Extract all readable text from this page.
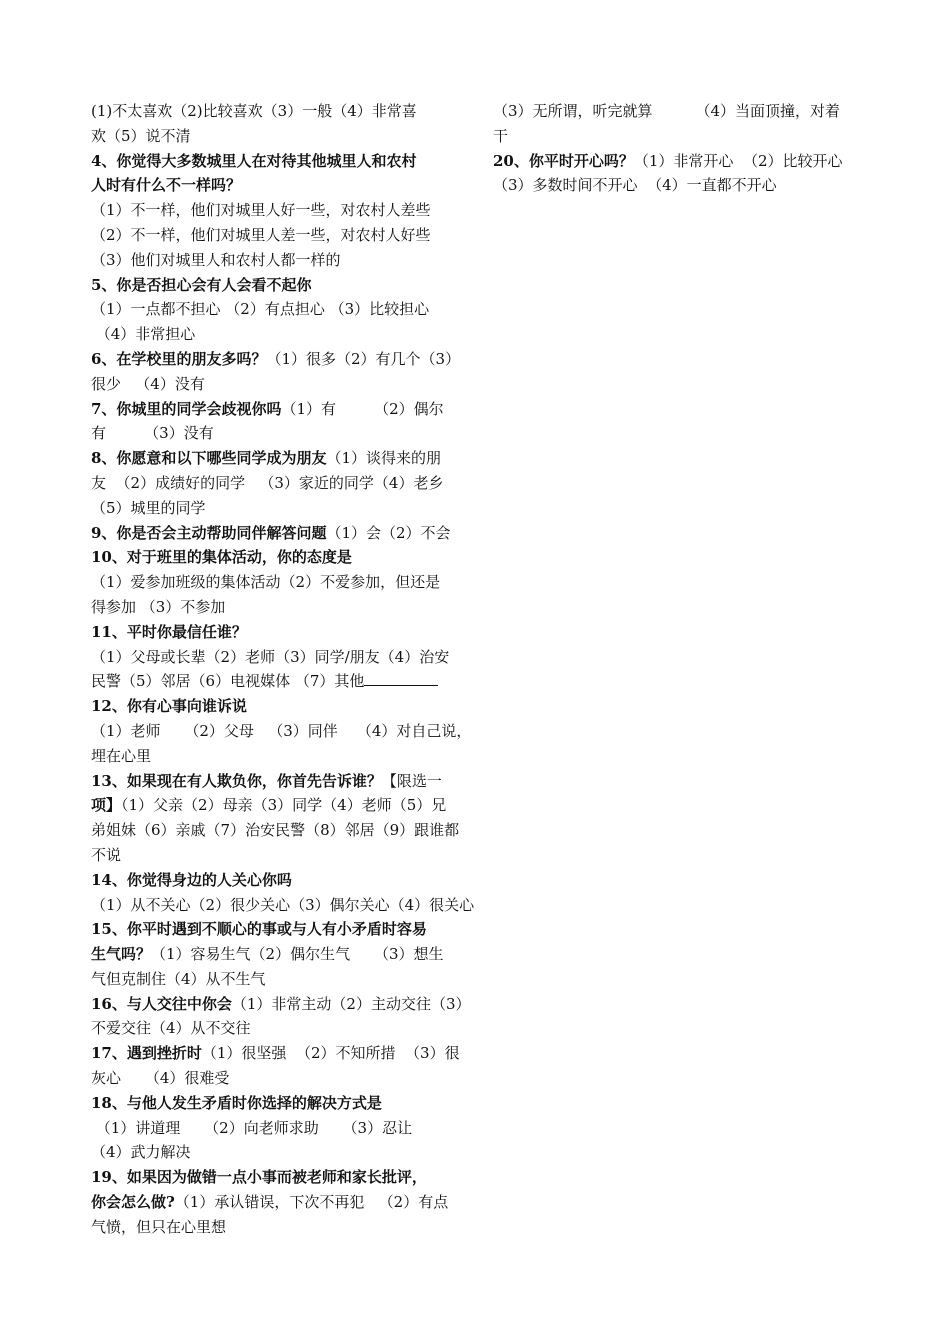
(1)不太喜欢（2)比较喜欢（3）一般（4）非常喜
欢（5）说不清
4、你觉得大多数城里人在对待其他城里人和农村
人时有什么不一样吗？
（1）不一样，他们对城里人好一些，对农村人差些
（2）不一样，他们对城里人差一些，对农村人好些
（3）他们对城里人和农村人都一样的
5、你是否担心会有人会看不起你
（1）一点都不担心 （2）有点担心 （3）比较担心
（4）非常担心
6、在学校里的朋友多吗？（1）很多（2）有几个（3）
很少   （4）没有
7、你城里的同学会歧视你吗（1）有        （2）偶尔
有        （3）没有
8、你愿意和以下哪些同学成为朋友（1）谈得来的朋
友  （2）成绩好的同学   （3）家近的同学（4）老乡
（5）城里的同学
9、你是否会主动帮助同伴解答问题（1）会（2）不会
10、对于班里的集体活动，你的态度是
（1）爱参加班级的集体活动（2）不爱参加，但还是
得参加 （3）不参加
11、平时你最信任谁？
（1）父母或长辈（2）老师（3）同学/朋友（4）治安
民警（5）邻居（6）电视媒体 （7）其他
12、你有心事向谁诉说
（1）老师     （2）父母   （3）同伴    （4）对自己说，
埋在心里
13、如果现在有人欺负你，你首先告诉谁？【限选一
项】（1）父亲（2）母亲（3）同学（4）老师（5）兄
弟姐妹（6）亲戚（7）治安民警（8）邻居（9）跟谁都
不说
14、你觉得身边的人关心你吗
（1）从不关心（2）很少关心（3）偶尔关心（4）很关心
15、你平时遇到不顺心的事或与人有小矛盾时容易
生气吗？（1）容易生气（2）偶尔生气     （3）想生
气但克制住（4）从不生气
16、与人交往中你会（1）非常主动（2）主动交往（3）
不爱交往（4）从不交往
17、遇到挫折时（1）很坚强  （2）不知所措  （3）很
灰心     （4）很难受
18、与他人发生矛盾时你选择的解决方式是
（1）讲道理     （2）向老师求助     （3）忍让
（4）武力解决
19、如果因为做错一点小事而被老师和家长批评，
你会怎么做?（1）承认错误，下次不再犯   （2）有点
气愤，但只在心里想
（3）无所谓，听完就算         （4）当面顶撞，对着
干
20、你平时开心吗？（1）非常开心  （2）比较开心
（3）多数时间不开心  （4）一直都不开心
